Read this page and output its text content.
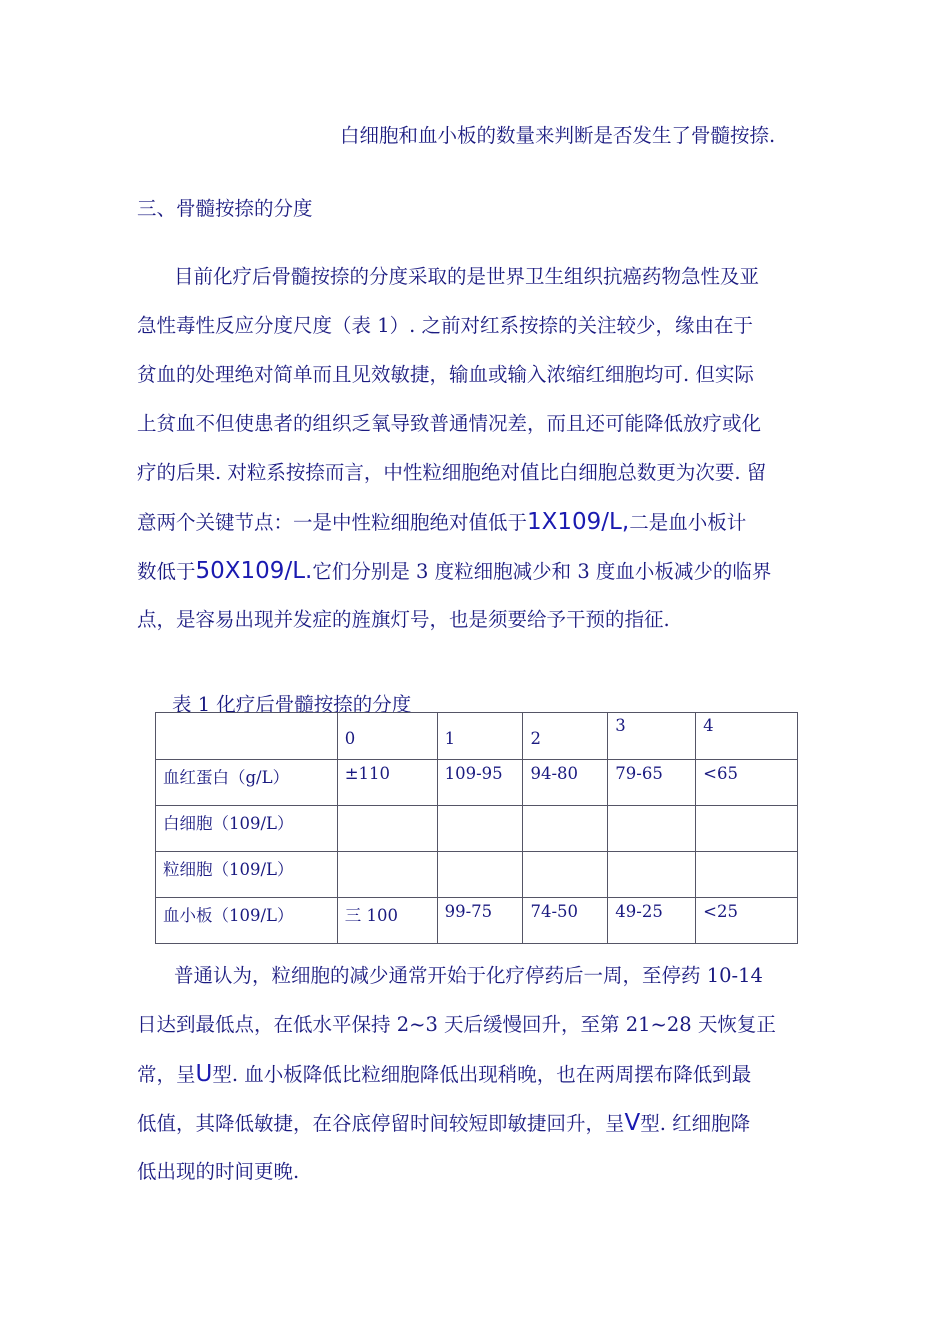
白细胞和血小板的数量来判断是否发生了骨髓按捺.
三、骨髓按捺的分度
目前化疗后骨髓按捺的分度采取的是世界卫生组织抗癌药物急性及亚
急性毒性反应分度尺度（表 1）. 之前对红系按捺的关注较少，缘由在于
贫血的处理绝对简单而且见效敏捷，输血或输入浓缩红细胞均可. 但实际
上贫血不但使患者的组织乏氧导致普通情况差，而且还可能降低放疗或化
疗的后果. 对粒系按捺而言，中性粒细胞绝对值比白细胞总数更为次要. 留
意两个关键节点：一是中性粒细胞绝对值低于1X109/L,二是血小板计
数低于50X109/L.它们分别是 3 度粒细胞减少和 3 度血小板减少的临界
点，是容易出现并发症的旌旗灯号，也是须要给予干预的指征.
表 1 化疗后骨髓按捺的分度
	0	1	2	3	4
血红蛋白（g/L）	±110	109-95	94-80	79-65	<65
白细胞（109/L）					
粒细胞（109/L）					
血小板（109/L）	三 100	99-75	74-50	49-25	<25
普通认为，粒细胞的减少通常开始于化疗停药后一周，至停药 10-14
日达到最低点，在低水平保持 2~3 天后缓慢回升，至第 21~28 天恢复正
常，呈U型. 血小板降低比粒细胞降低出现稍晚，也在两周摆布降低到最
低值，其降低敏捷，在谷底停留时间较短即敏捷回升，呈V型. 红细胞降
低出现的时间更晚.
